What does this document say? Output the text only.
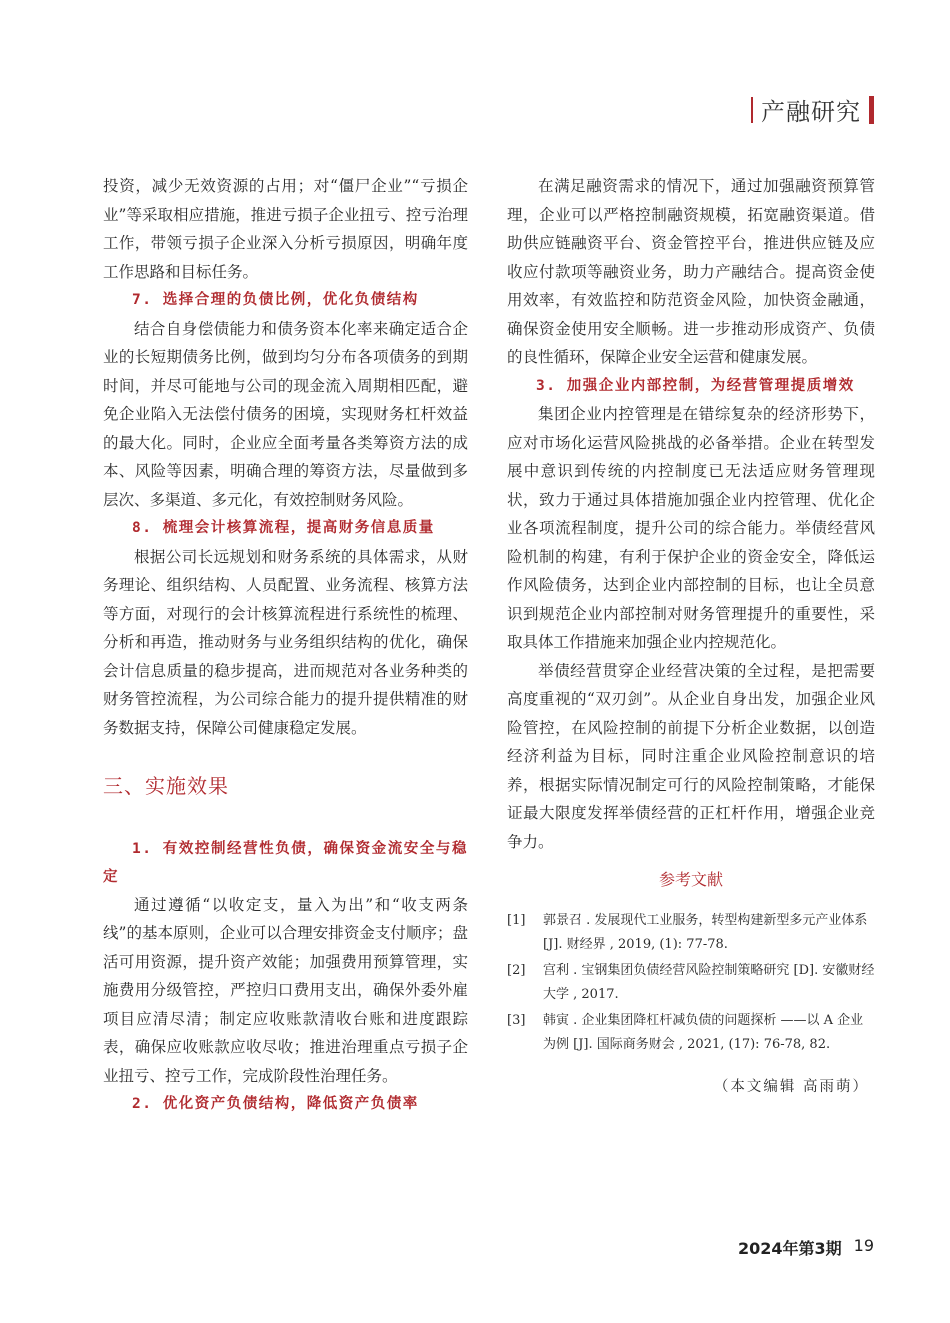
产融研究

投资，减少无效资源的占用；对“僵尸企业”“亏损企业”等采取相应措施，推进亏损子企业扭亏、控亏治理工作，带领亏损子企业深入分析亏损原因，明确年度工作思路和目标任务。

7. 选择合理的负债比例，优化负债结构

结合自身偿债能力和债务资本化率来确定适合企业的长短期债务比例，做到均匀分布各项债务的到期时间，并尽可能地与公司的现金流入周期相匹配，避免企业陷入无法偿付债务的困境，实现财务杠杆效益的最大化。同时，企业应全面考量各类筹资方法的成本、风险等因素，明确合理的筹资方法，尽量做到多层次、多渠道、多元化，有效控制财务风险。

8. 梳理会计核算流程，提高财务信息质量

根据公司长远规划和财务系统的具体需求，从财务理论、组织结构、人员配置、业务流程、核算方法等方面，对现行的会计核算流程进行系统性的梳理、分析和再造，推动财务与业务组织结构的优化，确保会计信息质量的稳步提高，进而规范对各业务种类的财务管控流程，为公司综合能力的提升提供精准的财务数据支持，保障公司健康稳定发展。

三、实施效果

1. 有效控制经营性负债，确保资金流安全与稳定

通过遵循“以收定支，量入为出”和“收支两条线”的基本原则，企业可以合理安排资金支付顺序；盘活可用资源，提升资产效能；加强费用预算管理，实施费用分级管控，严控归口费用支出，确保外委外雇项目应清尽清；制定应收账款清收台账和进度跟踪表，确保应收账款应收尽收；推进治理重点亏损子企业扭亏、控亏工作，完成阶段性治理任务。

2. 优化资产负债结构，降低资产负债率

在满足融资需求的情况下，通过加强融资预算管理，企业可以严格控制融资规模，拓宽融资渠道。借助供应链融资平台、资金管控平台，推进供应链及应收应付款项等融资业务，助力产融结合。提高资金使用效率，有效监控和防范资金风险，加快资金融通，确保资金使用安全顺畅。进一步推动形成资产、负债的良性循环，保障企业安全运营和健康发展。

3. 加强企业内部控制，为经营管理提质增效

集团企业内控管理是在错综复杂的经济形势下，应对市场化运营风险挑战的必备举措。企业在转型发展中意识到传统的内控制度已无法适应财务管理现状，致力于通过具体措施加强企业内控管理、优化企业各项流程制度，提升公司的综合能力。举债经营风险机制的构建，有利于保护企业的资金安全，降低运作风险债务，达到企业内部控制的目标，也让全员意识到规范企业内部控制对财务管理提升的重要性，采取具体工作措施来加强企业内控规范化。

举债经营贯穿企业经营决策的全过程，是把需要高度重视的“双刃剑”。从企业自身出发，加强企业风险管控，在风险控制的前提下分析企业数据，以创造经济利益为目标，同时注重企业风险控制意识的培养，根据实际情况制定可行的风险控制策略，才能保证最大限度发挥举债经营的正杠杆作用，增强企业竞争力。

参考文献
[1]	郭景召 . 发展现代工业服务，转型构建新型多元产业体系 [J]. 财经界 , 2019, (1): 77-78.
[2]	宫利 . 宝钢集团负债经营风险控制策略研究 [D]. 安徽财经大学 , 2017.
[3]	韩寅 . 企业集团降杠杆减负债的问题探析 ——以 A 企业为例 [J]. 国际商务财会 , 2021, (17): 76-78, 82.
（本文编辑 高雨萌）
2024年第3期 19
